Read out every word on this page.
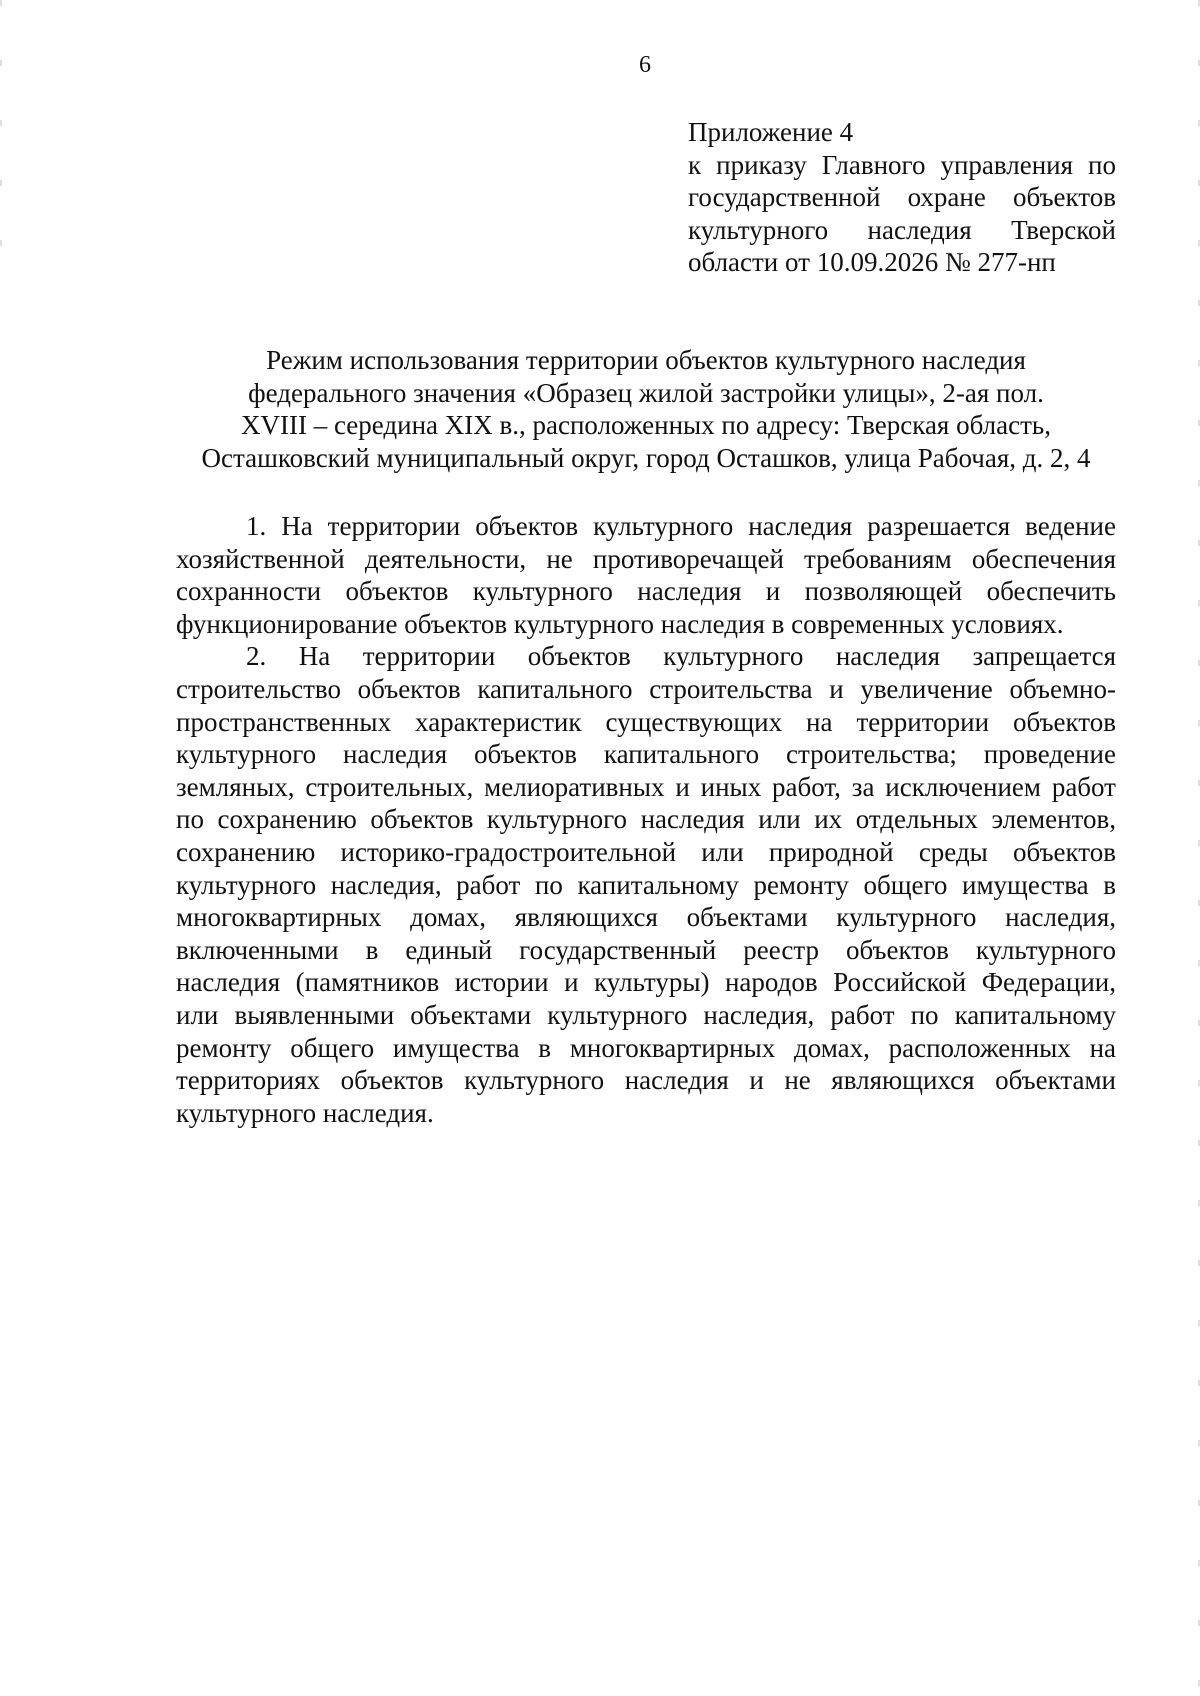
6
Приложение 4
к приказу Главного управления по
государственной охране объектов
культурного наследия Тверской
области от 10.09.2026 № 277-нп
Режим использования территории объектов культурного наследия
федерального значения «Образец жилой застройки улицы», 2-ая пол.
XVIII – середина XIX в., расположенных по адресу: Тверская область,
Осташковский муниципальный округ, город Осташков, улица Рабочая, д. 2, 4
1. На территории объектов культурного наследия разрешается ведение
хозяйственной деятельности, не противоречащей требованиям обеспечения
сохранности объектов культурного наследия и позволяющей обеспечить
функционирование объектов культурного наследия в современных условиях.
2. На территории объектов культурного наследия запрещается
строительство объектов капитального строительства и увеличение объемно-
пространственных характеристик существующих на территории объектов
культурного наследия объектов капитального строительства; проведение
земляных, строительных, мелиоративных и иных работ, за исключением работ
по сохранению объектов культурного наследия или их отдельных элементов,
сохранению историко-градостроительной или природной среды объектов
культурного наследия, работ по капитальному ремонту общего имущества в
многоквартирных домах, являющихся объектами культурного наследия,
включенными в единый государственный реестр объектов культурного
наследия (памятников истории и культуры) народов Российской Федерации,
или выявленными объектами культурного наследия, работ по капитальному
ремонту общего имущества в многоквартирных домах, расположенных на
территориях объектов культурного наследия и не являющихся объектами
культурного наследия.
